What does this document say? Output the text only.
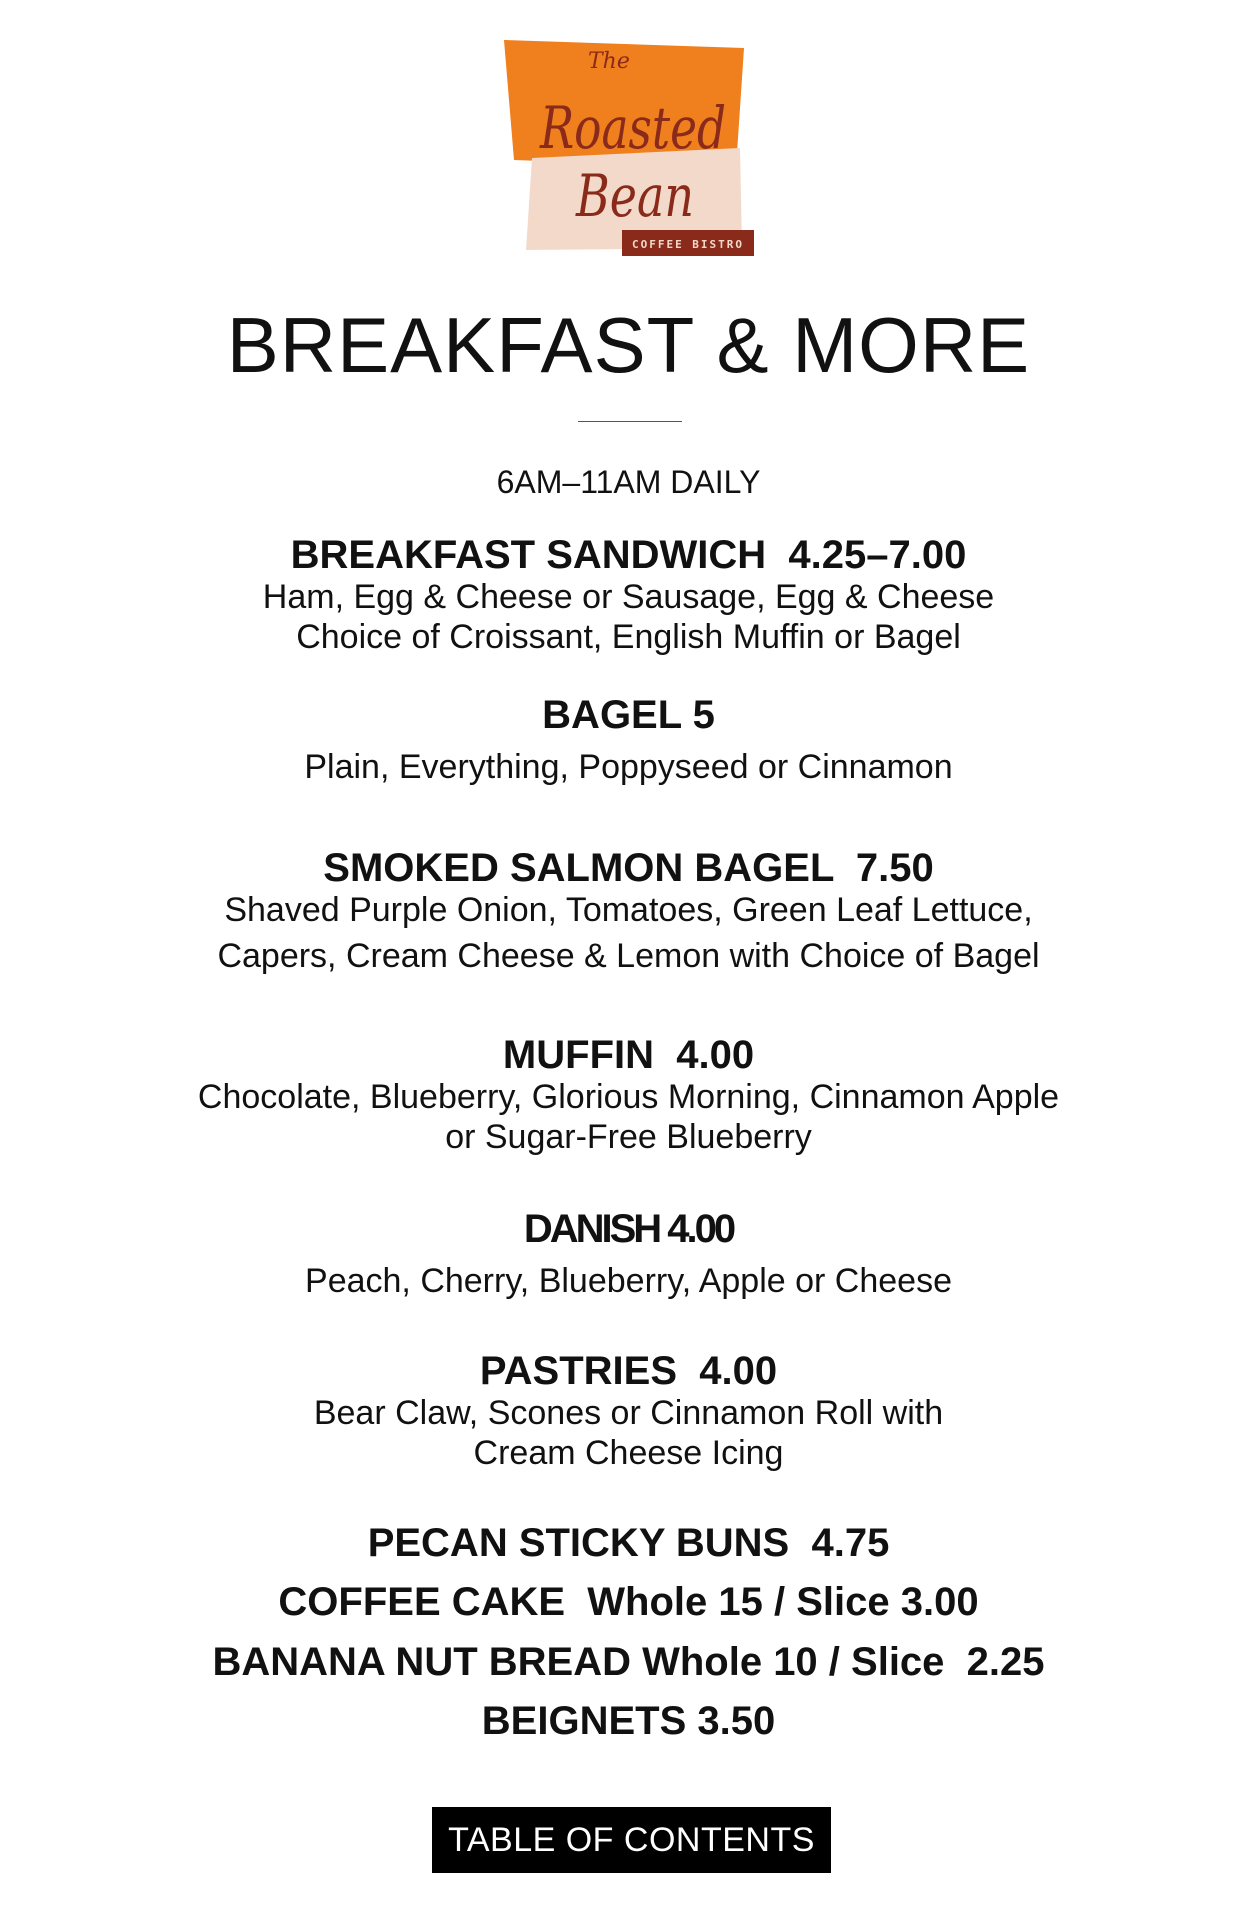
The
Roasted
Bean
COFFEE BISTRO
BREAKFAST & MORE
6AM–11AM DAILY
BREAKFAST SANDWICH  4.25–7.00
Ham, Egg & Cheese or Sausage, Egg & Cheese
Choice of Croissant, English Muffin or Bagel
BAGEL 5
Plain, Everything, Poppyseed or Cinnamon
SMOKED SALMON BAGEL  7.50
Shaved Purple Onion, Tomatoes, Green Leaf Lettuce,
Capers, Cream Cheese & Lemon with Choice of Bagel
MUFFIN  4.00
Chocolate, Blueberry, Glorious Morning, Cinnamon Apple
or Sugar-Free Blueberry
DANISH 4.00
Peach, Cherry, Blueberry, Apple or Cheese
PASTRIES  4.00
Bear Claw, Scones or Cinnamon Roll with
Cream Cheese Icing
PECAN STICKY BUNS  4.75
COFFEE CAKE  Whole 15 / Slice 3.00
BANANA NUT BREAD Whole 10 / Slice  2.25
BEIGNETS 3.50
TABLE OF CONTENTS
